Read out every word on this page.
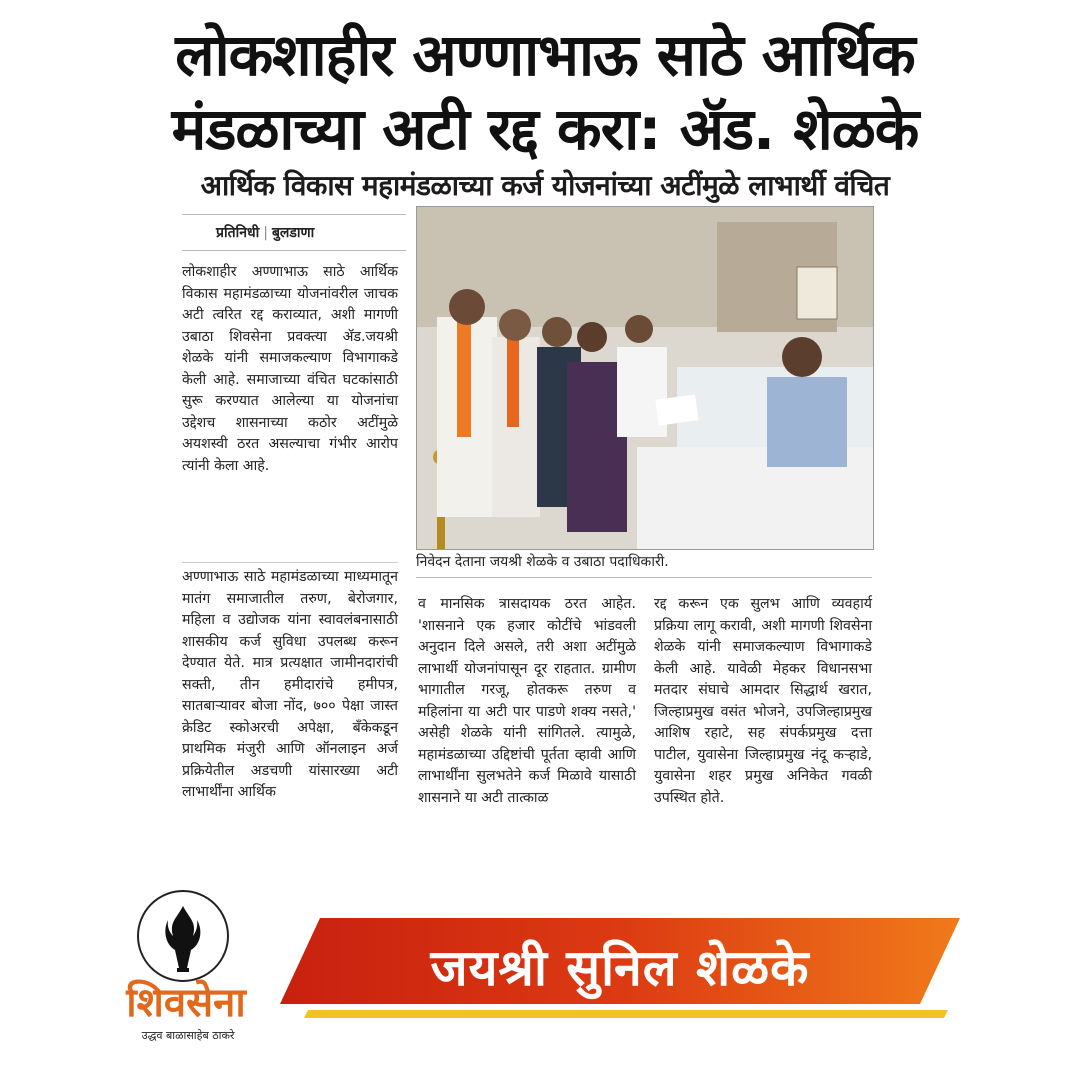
लोकशाहीर अण्णाभाऊ साठे आर्थिक
मंडळाच्या अटी रद्द करा: ॲड. शेळके
आर्थिक विकास महामंडळाच्या कर्ज योजनांच्या अटींमुळे लाभार्थी वंचित
प्रतिनिधी | बुलडाणा

लोकशाहीर अण्णाभाऊ साठे आर्थिक विकास महामंडळाच्या योजनांवरील जाचक अटी त्वरित रद्द कराव्यात, अशी मागणी उबाठा शिवसेना प्रवक्त्या ॲड.जयश्री शेळके यांनी समाजकल्याण विभागाकडे केली आहे. समाजाच्या वंचित घटकांसाठी सुरू करण्यात आलेल्या या योजनांचा उद्देशच शासनाच्या कठोर अटींमुळे अयशस्वी ठरत असल्याचा गंभीर आरोप त्यांनी केला आहे.

अण्णाभाऊ साठे महामंडळाच्या माध्यमातून मातंग समाजातील तरुण, बेरोजगार, महिला व उद्योजक यांना स्वावलंबनासाठी शासकीय कर्ज सुविधा उपलब्ध करून देण्यात येते. मात्र प्रत्यक्षात जामीनदारांची सक्ती, तीन हमीदारांचे हमीपत्र, सातबाऱ्यावर बोजा नोंद, ७०० पेक्षा जास्त क्रेडिट स्कोअरची अपेक्षा, बँकेकडून प्राथमिक मंजुरी आणि ऑनलाइन अर्ज प्रक्रियेतील अडचणी यांसारख्या अटी लाभार्थींना आर्थिक

व मानसिक त्रासदायक ठरत आहेत. 'शासनाने एक हजार कोटींचे भांडवली अनुदान दिले असले, तरी अशा अटींमुळे लाभार्थी योजनांपासून दूर राहतात. ग्रामीण भागातील गरजू, होतकरू तरुण व महिलांना या अटी पार पाडणे शक्य नसते,' असेही शेळके यांनी सांगितले. त्यामुळे, महामंडळाच्या उद्दिष्टांची पूर्तता व्हावी आणि लाभार्थींना सुलभतेने कर्ज मिळावे यासाठी शासनाने या अटी तात्काळ

रद्द करून एक सुलभ आणि व्यवहार्य प्रक्रिया लागू करावी, अशी मागणी शिवसेना शेळके यांनी समाजकल्याण विभागाकडे केली आहे. यावेळी मेहकर विधानसभा मतदार संघाचे आमदार सिद्धार्थ खरात, जिल्हाप्रमुख वसंत भोजने, उपजिल्हाप्रमुख आशिष रहाटे, सह संपर्कप्रमुख दत्ता पाटील, युवासेना जिल्हाप्रमुख नंदू कऱ्हाडे, युवासेना शहर प्रमुख अनिकेत गवळी उपस्थित होते.

निवेदन देताना जयश्री शेळके व उबाठा पदाधिकारी.
शिवसेना
उद्धव बाळासाहेब ठाकरे
जयश्री सुनिल शेळके
